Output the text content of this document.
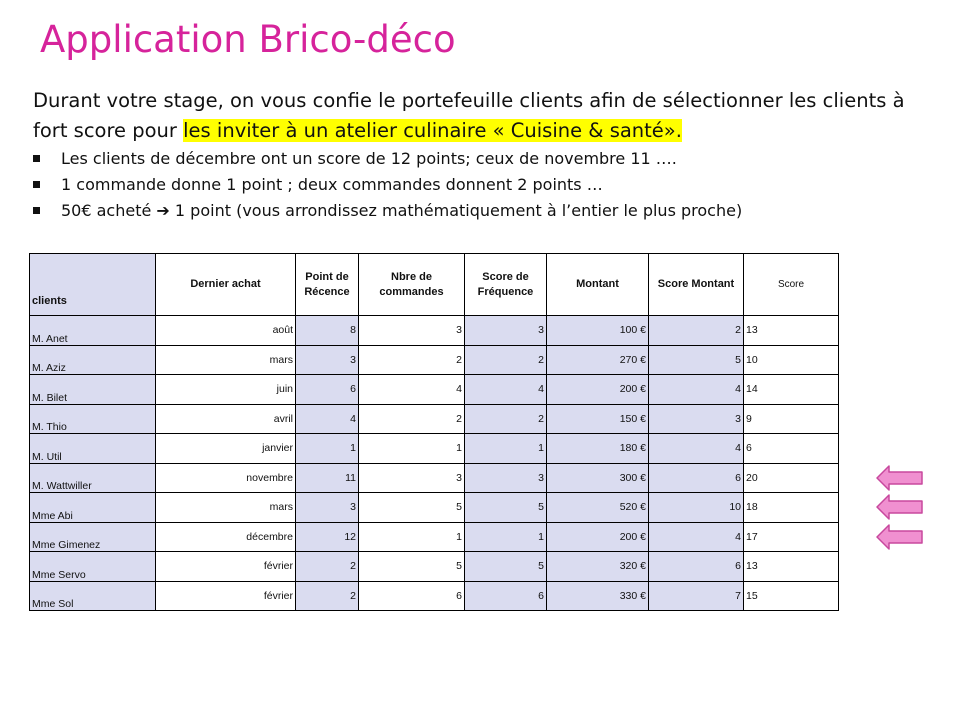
Application Brico-déco
Durant votre stage, on vous confie le portefeuille clients afin de sélectionner les clients à fort score pour les inviter à un atelier culinaire « Cuisine & santé».
Les clients de décembre ont un score de 12 points; ceux de novembre 11 ….
1 commande donne 1 point ; deux commandes donnent 2 points …
50€ acheté ➔ 1 point (vous arrondissez mathématiquement à l’entier le plus proche)
clients	Dernier achat	Point de Récence	Nbre de commandes	Score de Fréquence	Montant	Score Montant	Score
M. Anet	août	8	3	3	100 €	2	13
M. Aziz	mars	3	2	2	270 €	5	10
M. Bilet	juin	6	4	4	200 €	4	14
M. Thio	avril	4	2	2	150 €	3	9
M. Util	janvier	1	1	1	180 €	4	6
M. Wattwiller	novembre	11	3	3	300 €	6	20
Mme Abi	mars	3	5	5	520 €	10	18
Mme Gimenez	décembre	12	1	1	200 €	4	17
Mme Servo	février	2	5	5	320 €	6	13
Mme Sol	février	2	6	6	330 €	7	15
